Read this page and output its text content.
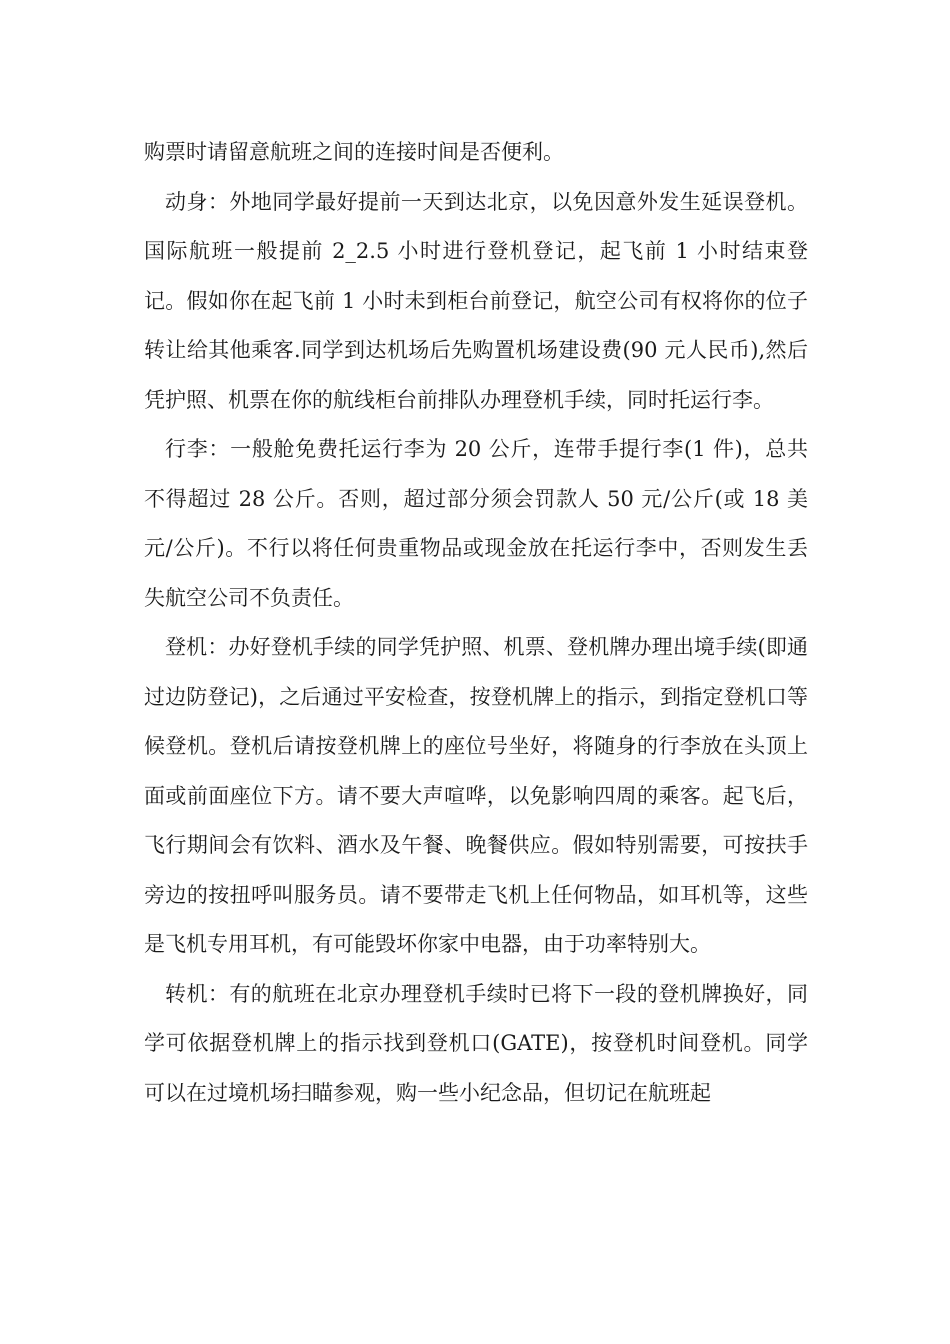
购票时请留意航班之间的连接时间是否便利。

动身：外地同学最好提前一天到达北京，以免因意外发生延误登机。国际航班一般提前 2_2.5 小时进行登机登记，起飞前 1 小时结束登记。假如你在起飞前 1 小时未到柜台前登记，航空公司有权将你的位子转让给其他乘客.同学到达机场后先购置机场建设费(90 元人民币),然后凭护照、机票在你的航线柜台前排队办理登机手续，同时托运行李。

行李：一般舱免费托运行李为 20 公斤，连带手提行李(1 件)，总共不得超过 28 公斤。否则，超过部分须会罚款人 50 元/公斤(或 18 美元/公斤)。不行以将任何贵重物品或现金放在托运行李中，否则发生丢失航空公司不负责任。

登机：办好登机手续的同学凭护照、机票、登机牌办理出境手续(即通过边防登记)，之后通过平安检查，按登机牌上的指示，到指定登机口等候登机。登机后请按登机牌上的座位号坐好，将随身的行李放在头顶上面或前面座位下方。请不要大声喧哗，以免影响四周的乘客。起飞后，飞行期间会有饮料、酒水及午餐、晚餐供应。假如特别需要，可按扶手旁边的按扭呼叫服务员。请不要带走飞机上任何物品，如耳机等，这些是飞机专用耳机，有可能毁坏你家中电器，由于功率特别大。

转机：有的航班在北京办理登机手续时已将下一段的登机牌换好，同学可依据登机牌上的指示找到登机口(GATE)，按登机时间登机。同学可以在过境机场扫瞄参观，购一些小纪念品，但切记在航班起
